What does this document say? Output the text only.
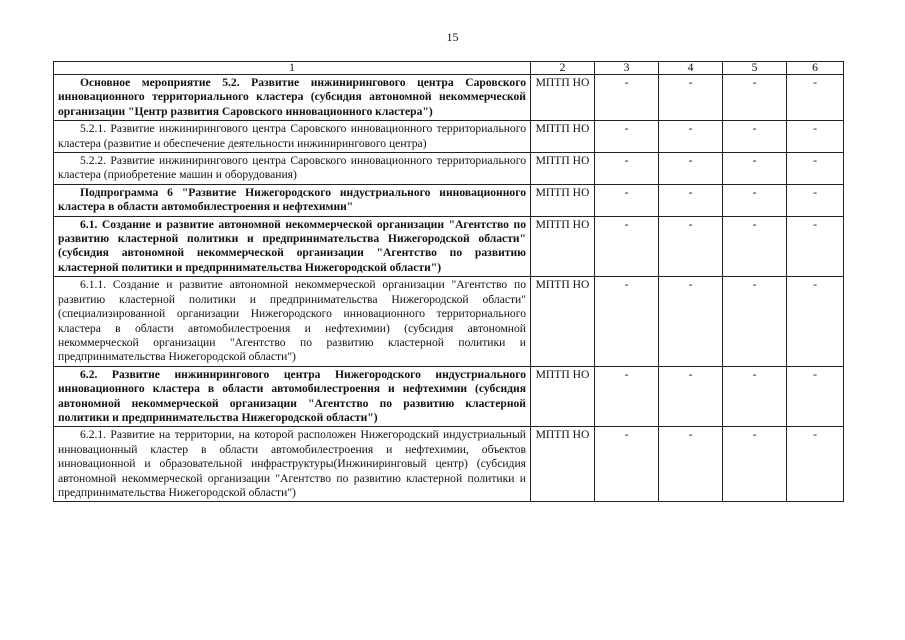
15
1	2	3	4	5	6
Основное мероприятие 5.2. Развитие инжинирингового центра Саровского инновационного территориального кластера (субсидия автономной некоммерческой организации "Центр развития Саровского инновационного кластера")	МПТП НО	-	-	-	-
5.2.1. Развитие инжинирингового центра Саровского инновационного территориального кластера (развитие и обеспечение деятельности инжинирингового центра)	МПТП НО	-	-	-	-
5.2.2. Развитие инжинирингового центра Саровского инновационного территориального кластера (приобретение машин и оборудования)	МПТП НО	-	-	-	-
Подпрограмма 6 "Развитие Нижегородского индустриального инновационного кластера в области автомобилестроения и нефтехимии"	МПТП НО	-	-	-	-
6.1. Создание и развитие автономной некоммерческой организации "Агентство по развитию кластерной политики и предпринимательства Нижегородской области" (субсидия автономной некоммерческой организации "Агентство по развитию кластерной политики и предпринимательства Нижегородской области")	МПТП НО	-	-	-	-
6.1.1. Создание и развитие автономной некоммерческой организации "Агентство по развитию кластерной политики и предпринимательства Нижегородской области" (специализированной организации Нижегородского инновационного территориального кластера в области автомобилестроения и нефтехимии) (субсидия автономной некоммерческой организации "Агентство по развитию кластерной политики и предпринимательства Нижегородской области")	МПТП НО	-	-	-	-
6.2. Развитие инжинирингового центра Нижегородского индустриального инновационного кластера в области автомобилестроения и нефтехимии (субсидия автономной некоммерческой организации "Агентство по развитию кластерной политики и предпринимательства Нижегородской области")	МПТП НО	-	-	-	-
6.2.1. Развитие на территории, на которой расположен Нижегородский индустриальный инновационный кластер в области автомобилестроения и нефтехимии, объектов инновационной и образовательной инфраструктуры(Инжиниринговый центр) (субсидия автономной некоммерческой организации "Агентство по развитию кластерной политики и предпринимательства Нижегородской области")	МПТП НО	-	-	-	-
